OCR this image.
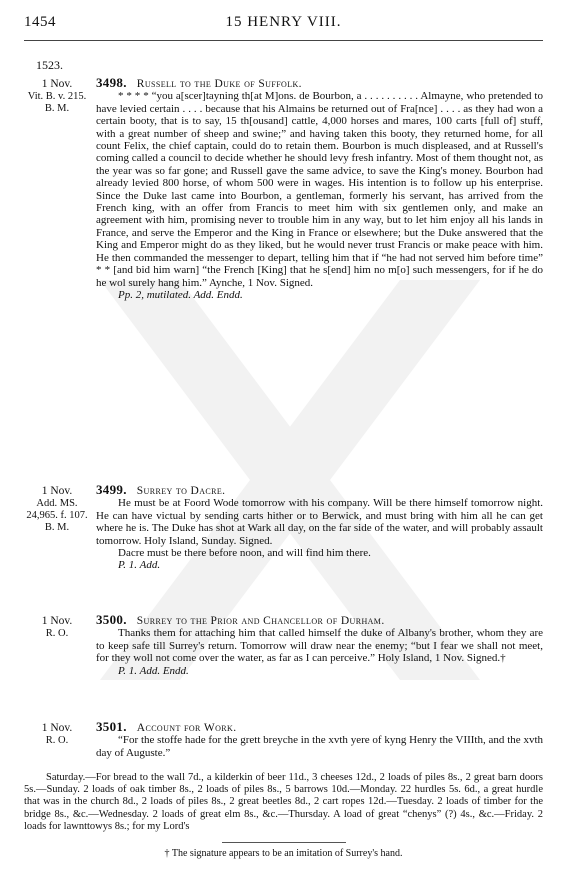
1454	15 HENRY VIII.
1523.
1 Nov.
Vit. B. v. 215.
B. M.

3498. Russell to the Duke of Suffolk.

* * * * “you a[scer]tayning th[at M]ons. de Bourbon, a . . . . . . . . . . Almayne, who pretended to have levied certain . . . . because that his Almains be returned out of Fra[nce] . . . . as they had won a certain booty, that is to say, 15 th[ousand] cattle, 4,000 horses and mares, 100 carts [full of] stuff, with a great number of sheep and swine;” and having taken this booty, they returned home, for all count Felix, the chief captain, could do to retain them. Bourbon is much displeased, and at Russell's coming called a council to decide whether he should levy fresh infantry. Most of them thought not, as the year was so far gone; and Russell gave the same advice, to save the King's money. Bourbon had already levied 800 horse, of whom 500 were in wages. His intention is to follow up his enterprise. Since the Duke last came into Bourbon, a gentleman, formerly his servant, has arrived from the French king, with an offer from Francis to meet him with six gentlemen only, and make an agreement with him, promising never to trouble him in any way, but to let him enjoy all his lands in France, and serve the Emperor and the King in France or elsewhere; but the Duke answered that the King and Emperor might do as they liked, but he would never trust Francis or make peace with him. He then commanded the messenger to depart, telling him that if “he had not served him before time” * * [and bid him warn] “the French [King] that he s[end] him no m[o] such messengers, for if he do he wol surely hang him.” Aynche, 1 Nov. Signed.

Pp. 2, mutilated. Add. Endd.

1 Nov.
Add. MS.
24,965. f. 107.
B. M.

3499. Surrey to Dacre.

He must be at Foord Wode tomorrow with his company. Will be there himself tomorrow night. He can have victual by sending carts hither or to Berwick, and must bring with him all he can get where he is. The Duke has shot at Wark all day, on the far side of the water, and will probably assault tomorrow. Holy Island, Sunday. Signed.

Dacre must be there before noon, and will find him there.

P. 1. Add.

1 Nov.
R. O.

3500. Surrey to the Prior and Chancellor of Durham.

Thanks them for attaching him that called himself the duke of Albany's brother, whom they are to keep safe till Surrey's return. Tomorrow will draw near the enemy; “but I fear we shall not meet, for they woll not come over the water, as far as I can perceive.” Holy Island, 1 Nov. Signed.†

P. 1. Add. Endd.

1 Nov.
R. O.

3501. Account for Work.

“For the stoffe hade for the grett breyche in the xvth yere of kyng Henry the VIIIth, and the xvth day of Auguste.”

Saturday.—For bread to the wall 7d., a kilderkin of beer 11d., 3 cheeses 12d., 2 loads of piles 8s., 2 great barn doors 5s.—Sunday. 2 loads of oak timber 8s., 2 loads of piles 8s., 5 barrows 10d.—Monday. 22 hurdles 5s. 6d., a great hurdle that was in the church 8d., 2 loads of piles 8s., 2 great beetles 8d., 2 cart ropes 12d.—Tuesday. 2 loads of timber for the bridge 8s., &c.—Wednesday. 2 loads of great elm 8s., &c.—Thursday. A load of great “chenys” (?) 4s., &c.—Friday. 2 loads for lawnttowys 8s.; for my Lord's

† The signature appears to be an imitation of Surrey's hand.
